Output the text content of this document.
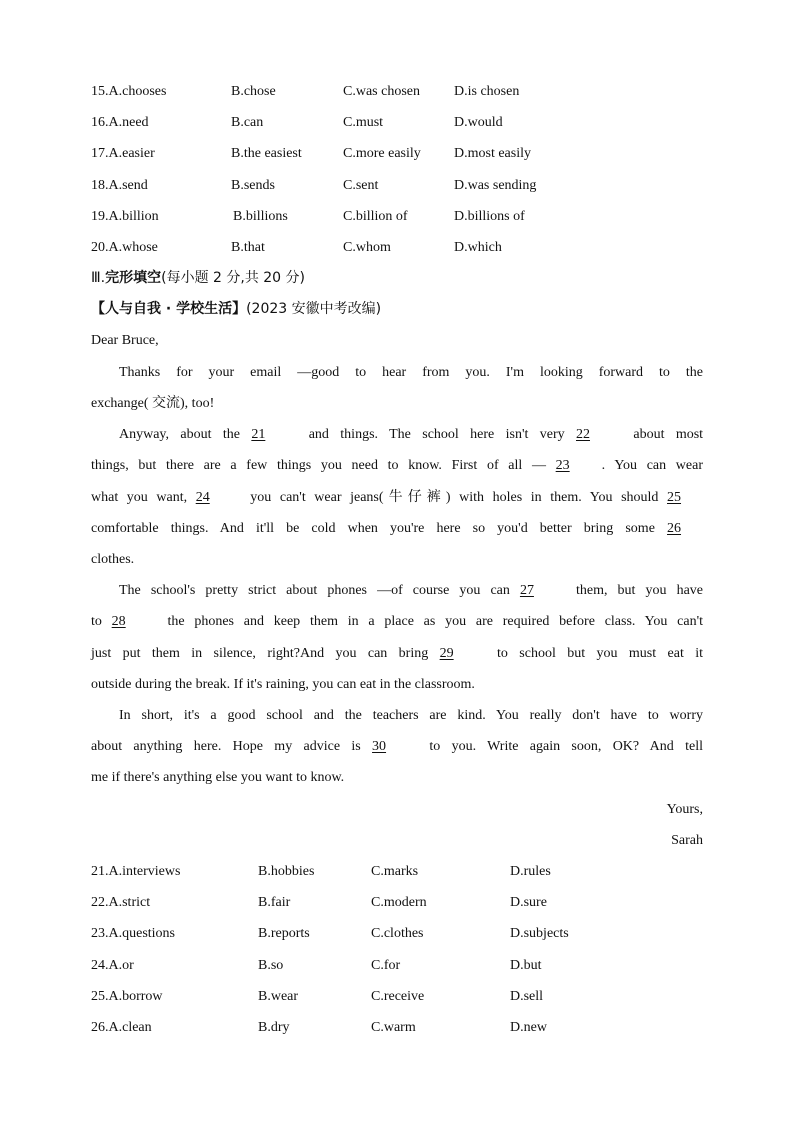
15.A.chooses	B.chose	C.was chosen D.is chosen
16.A.need	B.can	C.must	D.would
17.A.easier	B.the easiest	C.more easily D.most easily
18.A.send	B.sends	C.sent	D.was sending
19.A.billion	B.billions	C.billion of	D.billions of
20.A.whose	B.that	C.whom	D.which
Ⅲ.完形填空(每小题 2 分,共 20 分)
【人与自我 · 学校生活】(2023 安徽中考改编)
Dear Bruce,
Thanks for your email —good to hear from you. I'm looking forward to the
exchange( 交流), too!
Anyway, about the 21	and things. The school here isn't very 22	about most
things, but there are a few things you need to know. First of all — 23 . You can wear
what you want, 24	you can't wear jeans(牛仔裤) with holes in them. You should 25
comfortable things. And it'll be cold when you're here so you'd better bring some 26
clothes.
The school's pretty strict about phones —of course you can 27	them, but you have
to 28	the phones and keep them in a place as you are required before class. You can't
just put them in silence, right?And you can bring 29	to school but you must eat it
outside during the break. If it's raining, you can eat in the classroom.
In short, it's a good school and the teachers are kind. You really don't have to worry
about anything here. Hope my advice is 30	to you. Write again soon, OK? And tell
me if there's anything else you want to know.
Yours,
Sarah
21.A.interviews	B.hobbies	C.marks	D.rules
22.A.strict	B.fair	C.modern	D.sure
23.A.questions	B.reports	C.clothes	D.subjects
24.A.or	B.so	C.for	D.but
25.A.borrow	B.wear	C.receive	D.sell
26.A.clean	B.dry	C.warm	D.new
